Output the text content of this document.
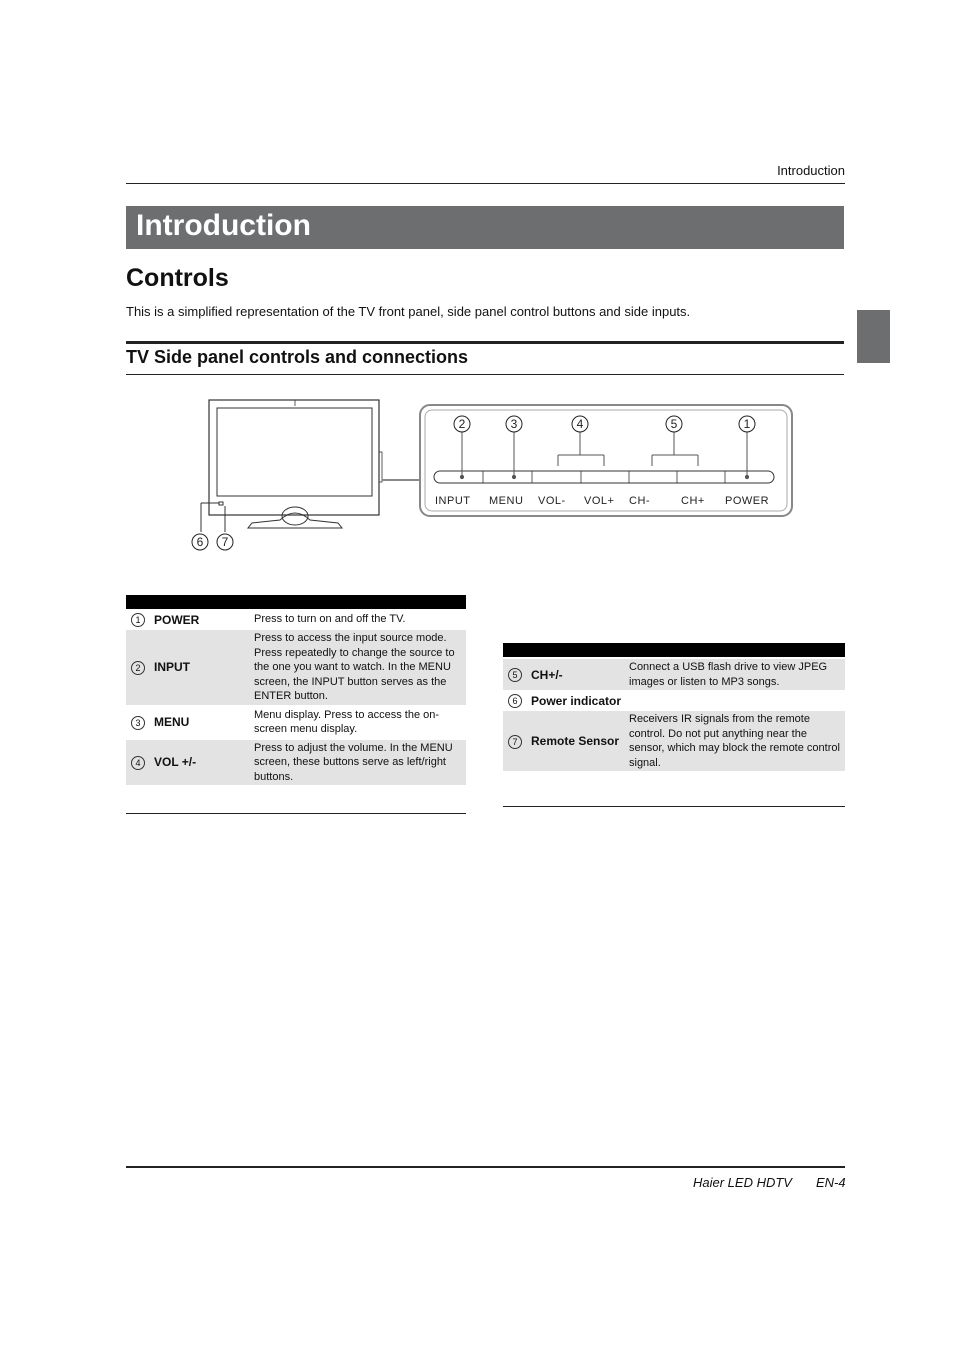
Introduction
Introduction
Controls
This is a simplified representation of the TV front panel, side panel control buttons and side inputs.
TV Side panel controls and connections
2	3	4	5	1
INPUT MENU VOL- VOL+ CH-	CH+ POWER
6 7

1	POWER	Press to turn on and off the TV.
2	INPUT	Press to access the input source mode. Press repeatedly to change the source to the one you want to watch. In the MENU screen, the INPUT button serves as the ENTER button.
3	MENU	Menu display. Press to access the on-screen menu display.
4	VOL +/-	Press to adjust the volume. In the MENU screen, these buttons serve as left/right buttons.

5	CH+/-	Connect a USB flash drive to view JPEG images or listen to MP3 songs.
6	Power indicator	
7	Remote Sensor	Receivers IR signals from the remote control. Do not put anything near the sensor, which may block the remote control signal.
Haier LED HDTV EN-4
